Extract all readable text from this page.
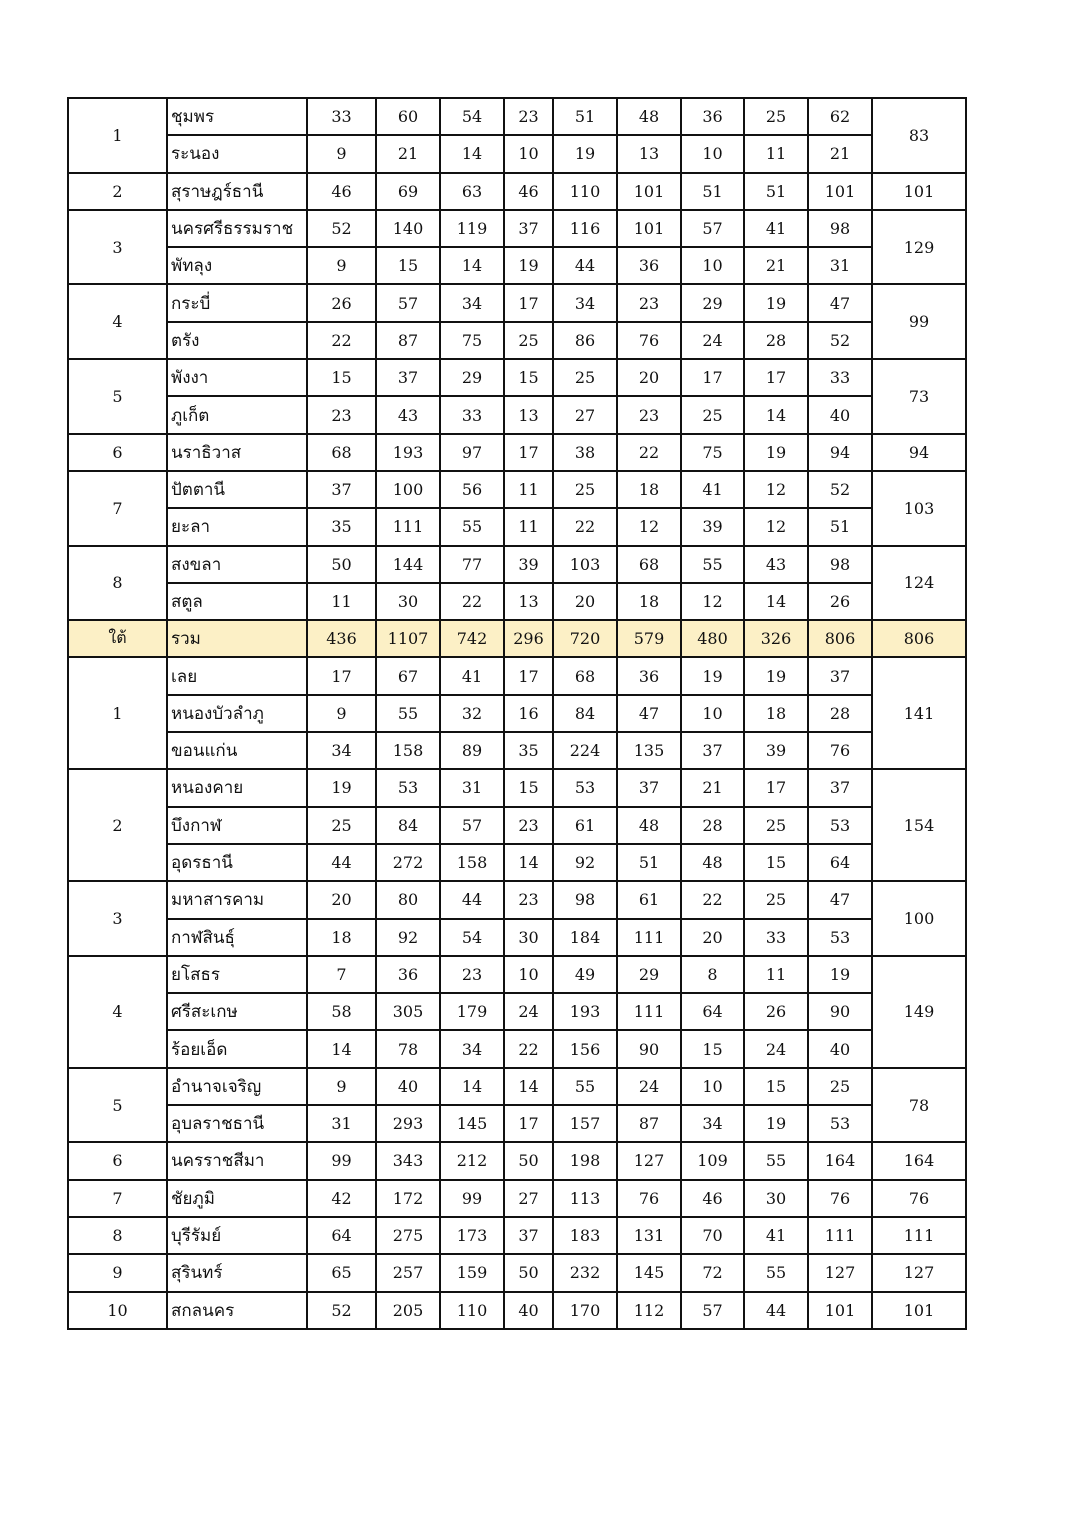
1	ชุมพร	33	60	54	23	51	48	36	25	62	83
	ระนอง	9	21	14	10	19	13	10	11	21	
2	สุราษฎร์ธานี	46	69	63	46	110	101	51	51	101	101
3	นครศรีธรรมราช	52	140	119	37	116	101	57	41	98	129
	พัทลุง	9	15	14	19	44	36	10	21	31	
4	กระบี่	26	57	34	17	34	23	29	19	47	99
	ตรัง	22	87	75	25	86	76	24	28	52	
5	พังงา	15	37	29	15	25	20	17	17	33	73
	ภูเก็ต	23	43	33	13	27	23	25	14	40	
6	นราธิวาส	68	193	97	17	38	22	75	19	94	94
7	ปัตตานี	37	100	56	11	25	18	41	12	52	103
	ยะลา	35	111	55	11	22	12	39	12	51	
8	สงขลา	50	144	77	39	103	68	55	43	98	124
	สตูล	11	30	22	13	20	18	12	14	26	
ใต้	รวม	436	1107	742	296	720	579	480	326	806	806
1	เลย	17	67	41	17	68	36	19	19	37	141
	หนองบัวลำภู	9	55	32	16	84	47	10	18	28	
	ขอนแก่น	34	158	89	35	224	135	37	39	76	
2	หนองคาย	19	53	31	15	53	37	21	17	37	154
	บึงกาฬ	25	84	57	23	61	48	28	25	53	
	อุดรธานี	44	272	158	14	92	51	48	15	64	
3	มหาสารคาม	20	80	44	23	98	61	22	25	47	100
	กาฬสินธุ์	18	92	54	30	184	111	20	33	53	
4	ยโสธร	7	36	23	10	49	29	8	11	19	149
	ศรีสะเกษ	58	305	179	24	193	111	64	26	90	
	ร้อยเอ็ด	14	78	34	22	156	90	15	24	40	
5	อำนาจเจริญ	9	40	14	14	55	24	10	15	25	78
	อุบลราชธานี	31	293	145	17	157	87	34	19	53	
6	นครราชสีมา	99	343	212	50	198	127	109	55	164	164
7	ชัยภูมิ	42	172	99	27	113	76	46	30	76	76
8	บุรีรัมย์	64	275	173	37	183	131	70	41	111	111
9	สุรินทร์	65	257	159	50	232	145	72	55	127	127
10	สกลนคร	52	205	110	40	170	112	57	44	101	101
